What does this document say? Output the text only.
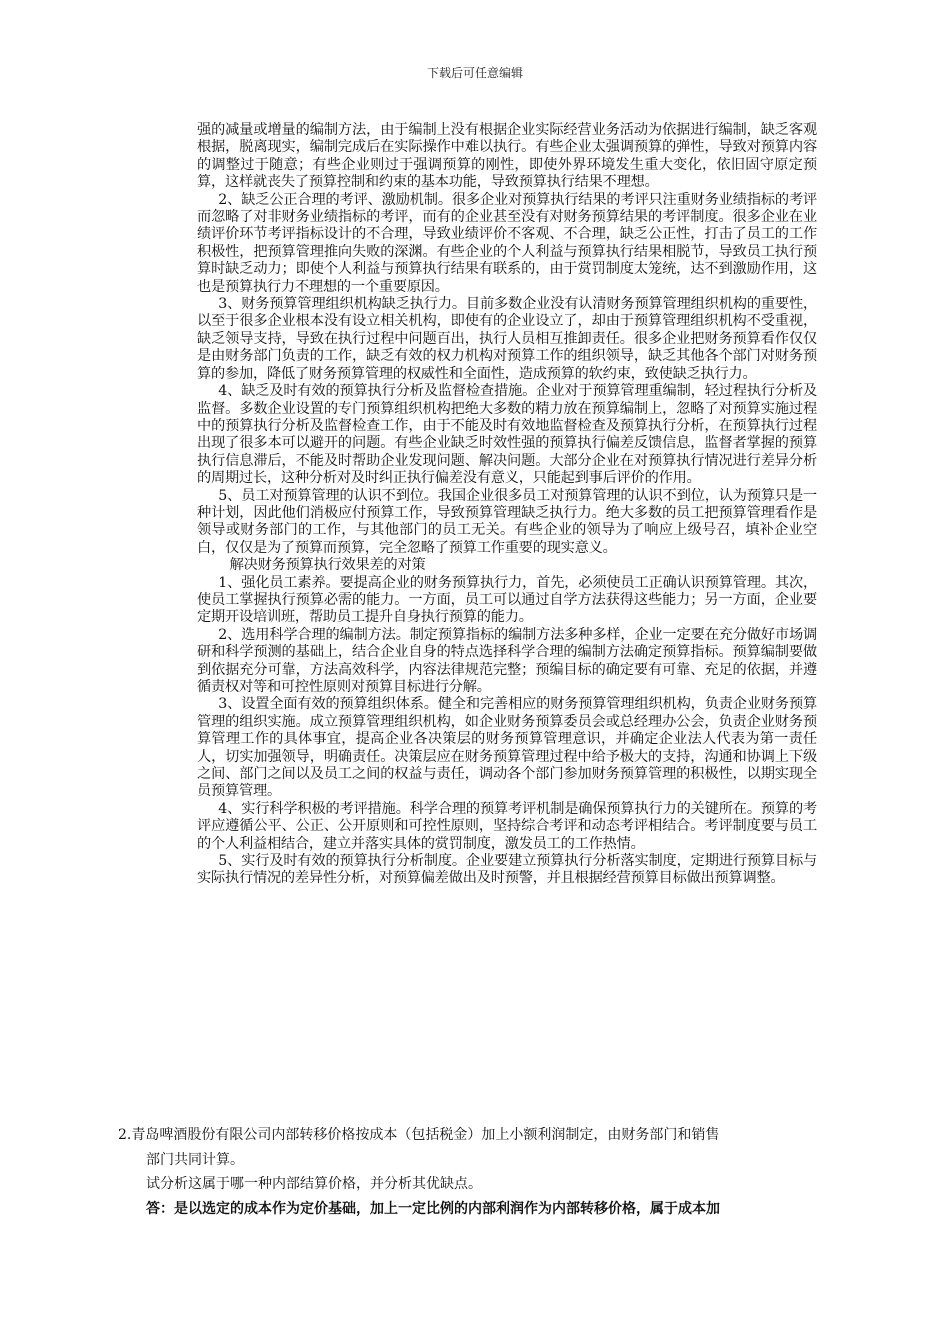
下载后可任意编辑

强的减量或增量的编制方法，由于编制上没有根据企业实际经营业务活动为依据进行编制，缺乏客观根据，脱离现实，编制完成后在实际操作中难以执行。有些企业太强调预算的弹性，导致对预算内容的调整过于随意；有些企业则过于强调预算的刚性，即使外界环境发生重大变化，依旧固守原定预算，这样就丧失了预算控制和约束的基本功能，导致预算执行结果不理想。

2、缺乏公正合理的考评、激励机制。很多企业对预算执行结果的考评只注重财务业绩指标的考评而忽略了对非财务业绩指标的考评，而有的企业甚至没有对财务预算结果的考评制度。很多企业在业绩评价环节考评指标设计的不合理，导致业绩评价不客观、不合理，缺乏公正性，打击了员工的工作积极性，把预算管理推向失败的深渊。有些企业的个人利益与预算执行结果相脱节，导致员工执行预算时缺乏动力；即使个人利益与预算执行结果有联系的，由于赏罚制度太笼统，达不到激励作用，这也是预算执行力不理想的一个重要原因。

3、财务预算管理组织机构缺乏执行力。目前多数企业没有认清财务预算管理组织机构的重要性，以至于很多企业根本没有设立相关机构，即使有的企业设立了，却由于预算管理组织机构不受重视，缺乏领导支持，导致在执行过程中问题百出，执行人员相互推卸责任。很多企业把财务预算看作仅仅是由财务部门负责的工作，缺乏有效的权力机构对预算工作的组织领导，缺乏其他各个部门对财务预算的参加，降低了财务预算管理的权威性和全面性，造成预算的软约束，致使缺乏执行力。

4、缺乏及时有效的预算执行分析及监督检查措施。企业对于预算管理重编制，轻过程执行分析及监督。多数企业设置的专门预算组织机构把绝大多数的精力放在预算编制上，忽略了对预算实施过程中的预算执行分析及监督检查工作，由于不能及时有效地监督检查及预算执行分析，在预算执行过程出现了很多本可以避开的问题。有些企业缺乏时效性强的预算执行偏差反馈信息，监督者掌握的预算执行信息滞后，不能及时帮助企业发现问题、解决问题。大部分企业在对预算执行情况进行差异分析的周期过长，这种分析对及时纠正执行偏差没有意义，只能起到事后评价的作用。

5、员工对预算管理的认识不到位。我国企业很多员工对预算管理的认识不到位，认为预算只是一种计划，因此他们消极应付预算工作，导致预算管理缺乏执行力。绝大多数的员工把预算管理看作是领导或财务部门的工作，与其他部门的员工无关。有些企业的领导为了响应上级号召，填补企业空白，仅仅是为了预算而预算，完全忽略了预算工作重要的现实意义。

解决财务预算执行效果差的对策

1、强化员工素养。要提高企业的财务预算执行力，首先，必须使员工正确认识预算管理。其次，使员工掌握执行预算必需的能力。一方面，员工可以通过自学方法获得这些能力；另一方面，企业要定期开设培训班，帮助员工提升自身执行预算的能力。

2、选用科学合理的编制方法。制定预算指标的编制方法多种多样，企业一定要在充分做好市场调研和科学预测的基础上，结合企业自身的特点选择科学合理的编制方法确定预算指标。预算编制要做到依据充分可靠，方法高效科学，内容法律规范完整；预编目标的确定要有可靠、充足的依据，并遵循责权对等和可控性原则对预算目标进行分解。

3、设置全面有效的预算组织体系。健全和完善相应的财务预算管理组织机构，负责企业财务预算管理的组织实施。成立预算管理组织机构，如企业财务预算委员会或总经理办公会，负责企业财务预算管理工作的具体事宜，提高企业各决策层的财务预算管理意识，并确定企业法人代表为第一责任人，切实加强领导，明确责任。决策层应在财务预算管理过程中给予极大的支持，沟通和协调上下级之间、部门之间以及员工之间的权益与责任，调动各个部门参加财务预算管理的积极性，以期实现全员预算管理。

4、实行科学积极的考评措施。科学合理的预算考评机制是确保预算执行力的关键所在。预算的考评应遵循公平、公正、公开原则和可控性原则，坚持综合考评和动态考评相结合。考评制度要与员工的个人利益相结合，建立并落实具体的赏罚制度，激发员工的工作热情。

5、实行及时有效的预算执行分析制度。企业要建立预算执行分析落实制度，定期进行预算目标与实际执行情况的差异性分析，对预算偏差做出及时预警，并且根据经营预算目标做出预算调整。

2.青岛啤酒股份有限公司内部转移价格按成本（包括税金）加上小额利润制定，由财务部门和销售

部门共同计算。

试分析这属于哪一种内部结算价格，并分析其优缺点。

答：是以选定的成本作为定价基础，加上一定比例的内部利润作为内部转移价格，属于成本加
